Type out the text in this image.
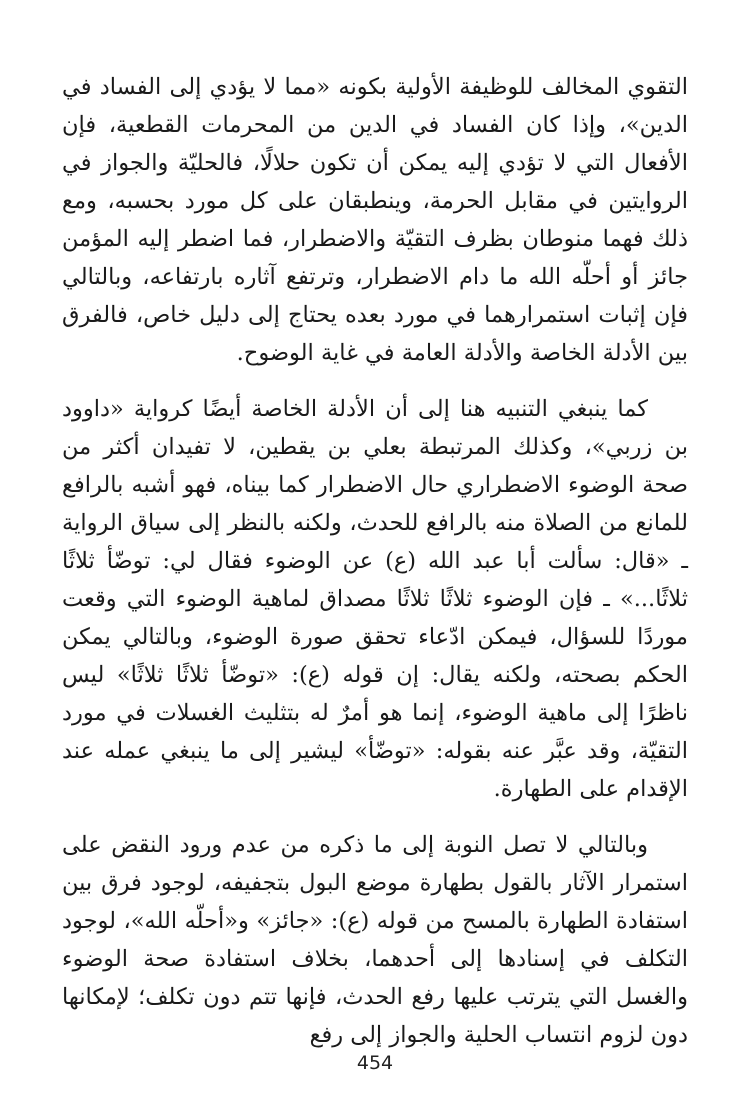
التقوي المخالف للوظيفة الأولية بكونه «مما لا يؤدي إلى الفساد في الدين»، وإذا كان الفساد في الدين من المحرمات القطعية، فإن الأفعال التي لا تؤدي إليه يمكن أن تكون حلالًا، فالحليّة والجواز في الروايتين في مقابل الحرمة، وينطبقان على كل مورد بحسبه، ومع ذلك فهما منوطان بظرف التقيّة والاضطرار، فما اضطر إليه المؤمن جائز أو أحلّه الله ما دام الاضطرار، وترتفع آثاره بارتفاعه، وبالتالي فإن إثبات استمرارهما في مورد بعده يحتاج إلى دليل خاص، فالفرق بين الأدلة الخاصة والأدلة العامة في غاية الوضوح.

كما ينبغي التنبيه هنا إلى أن الأدلة الخاصة أيضًا كرواية «داوود بن زربي»، وكذلك المرتبطة بعلي بن يقطين، لا تفيدان أكثر من صحة الوضوء الاضطراري حال الاضطرار كما بيناه، فهو أشبه بالرافع للمانع من الصلاة منه بالرافع للحدث، ولكنه بالنظر إلى سياق الرواية ـ «قال: سألت أبا عبد الله (ع) عن الوضوء فقال لي: توضّأ ثلاثًا ثلاثًا...» ـ فإن الوضوء ثلاثًا ثلاثًا مصداق لماهية الوضوء التي وقعت موردًا للسؤال، فيمكن ادّعاء تحقق صورة الوضوء، وبالتالي يمكن الحكم بصحته، ولكنه يقال: إن قوله (ع): «توضّأ ثلاثًا ثلاثًا» ليس ناظرًا إلى ماهية الوضوء، إنما هو أمرٌ له بتثليث الغسلات في مورد التقيّة، وقد عبَّر عنه بقوله: «توضّأ» ليشير إلى ما ينبغي عمله عند الإقدام على الطهارة.

وبالتالي لا تصل النوبة إلى ما ذكره من عدم ورود النقض على استمرار الآثار بالقول بطهارة موضع البول بتجفيفه، لوجود فرق بين استفادة الطهارة بالمسح من قوله (ع): «جائز» و«أحلّه الله»، لوجود التكلف في إسنادها إلى أحدهما، بخلاف استفادة صحة الوضوء والغسل التي يترتب عليها رفع الحدث، فإنها تتم دون تكلف؛ لإمكانها دون لزوم انتساب الحلية والجواز إلى رفع

454
